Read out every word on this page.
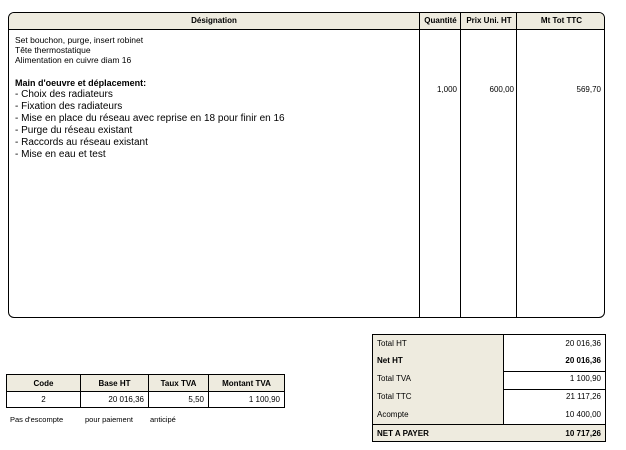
Désignation	Quantité	Prix Uni. HT	Mt Tot TTC
Set bouchon, purge, insert robinet
Tête thermostatique
Alimentation en cuivre diam 16
Main d'oeuvre et déplacement:
- Choix des radiateurs
- Fixation des radiateurs
- Mise en place du réseau avec reprise en 18 pour finir en 16
- Purge du réseau existant
- Raccords au réseau existant
- Mise en eau et test
1,000	600,00	569,70
Code	Base HT	Taux TVA	Montant TVA
2	20 016,36	5,50	1 100,90
Pas d'escompte	pour paiement anticipé
Total HT	20 016,36
Net HT	20 016,36
Total TVA	1 100,90
Total TTC	21 117,26
Acompte	10 400,00
NET A PAYER	10 717,26
